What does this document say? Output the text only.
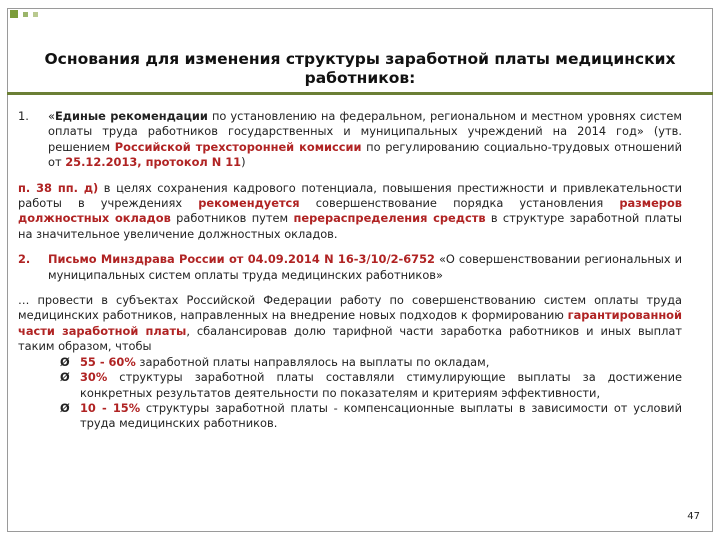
Основания для изменения структуры заработной платы медицинских работников:
1. «Единые рекомендации по установлению на федеральном, региональном и местном уровнях систем оплаты труда работников государственных и муниципальных учреждений на 2014 год» (утв. решением Российской трехсторонней комиссии по регулированию социально-трудовых отношений от 25.12.2013, протокол N 11)

п. 38 пп. д) в целях сохранения кадрового потенциала, повышения престижности и привлекательности работы в учреждениях рекомендуется совершенствование порядка установления размеров должностных окладов работников путем перераспределения средств в структуре заработной платы на значительное увеличение должностных окладов.

2. Письмо Минздрава России от 04.09.2014 N 16-3/10/2-6752 «О совершенствовании региональных и муниципальных систем оплаты труда медицинских работников»

… провести в субъектах Российской Федерации работу по совершенствованию систем оплаты труда медицинских работников, направленных на внедрение новых подходов к формированию гарантированной части заработной платы, сбалансировав долю тарифной части заработка работников и иных выплат таким образом, чтобы

Ø 55 - 60% заработной платы направлялось на выплаты по окладам,
Ø 30% структуры заработной платы составляли стимулирующие выплаты за достижение конкретных результатов деятельности по показателям и критериям эффективности,
Ø 10 - 15% структуры заработной платы - компенсационные выплаты в зависимости от условий труда медицинских работников.
47
